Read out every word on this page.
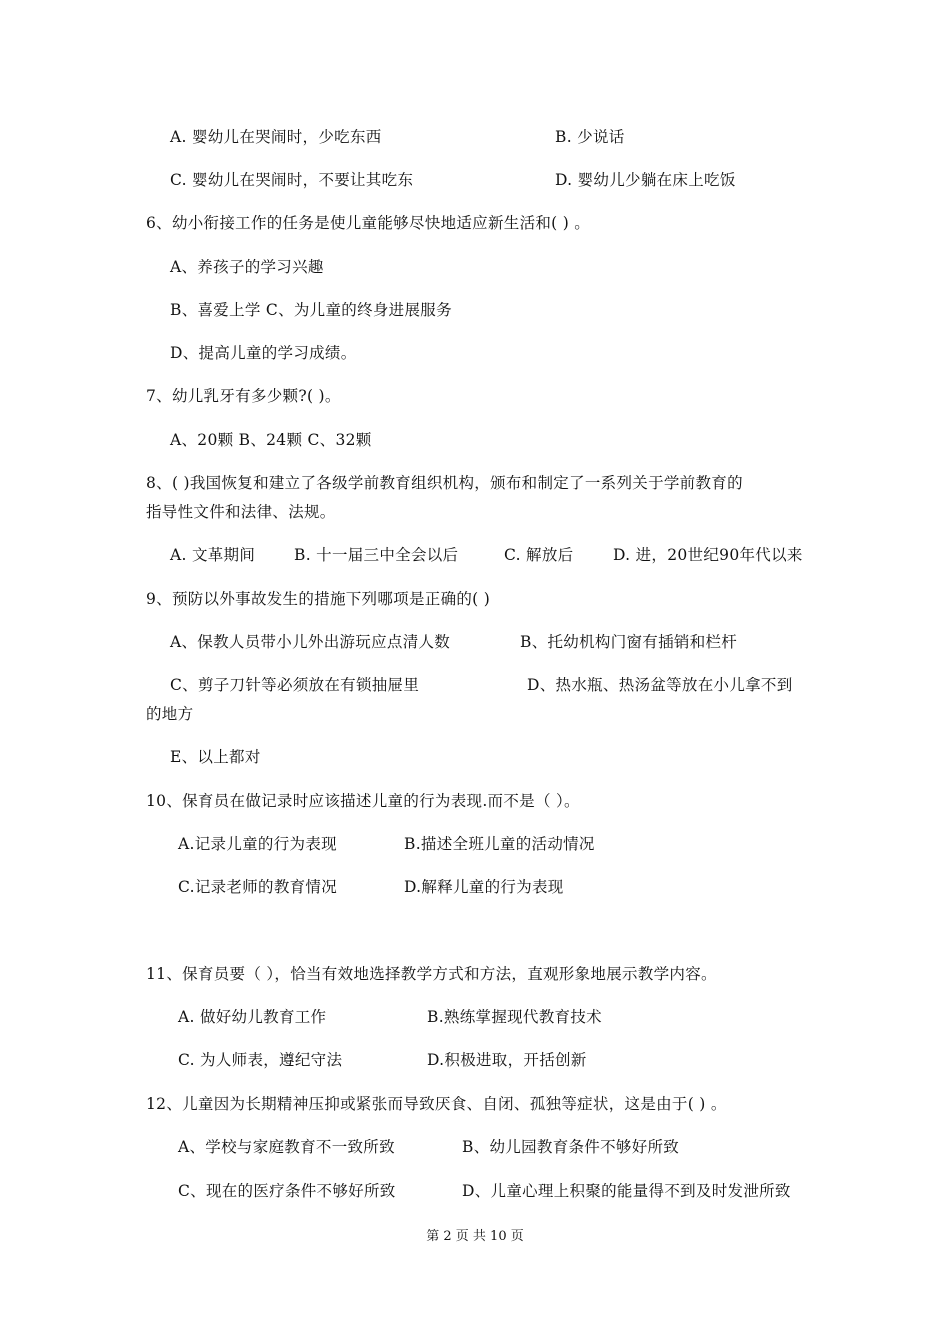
A. 婴幼儿在哭闹时，少吃东西	B. 少说话
C. 婴幼儿在哭闹时，不要让其吃东	D. 婴幼儿少躺在床上吃饭
6、幼小衔接工作的任务是使儿童能够尽快地适应新生活和( ) 。
A、养孩子的学习兴趣
B、喜爱上学 C、为儿童的终身进展服务
D、提高儿童的学习成绩。
7、幼儿乳牙有多少颗?( )。
A、20颗 B、24颗 C、32颗
8、( )我国恢复和建立了各级学前教育组织机构，颁布和制定了一系列关于学前教育的
指导性文件和法律、法规。
A. 文革期间	B. 十一届三中全会以后	C. 解放后	D. 进，20世纪90年代以来
9、预防以外事故发生的措施下列哪项是正确的( )
A、保教人员带小儿外出游玩应点清人数	B、托幼机构门窗有插销和栏杆
C、剪子刀针等必须放在有锁抽屉里	D、热水瓶、热汤盆等放在小儿拿不到
的地方
E、以上都对
10、保育员在做记录时应该描述儿童的行为表现.而不是（ ）。
A.记录儿童的行为表现	B.描述全班儿童的活动情况
C.记录老师的教育情况	D.解释儿童的行为表现
11、保育员要（ ），恰当有效地选择教学方式和方法，直观形象地展示教学内容。
A. 做好幼儿教育工作	B.熟练掌握现代教育技术
C. 为人师表，遵纪守法	D.积极进取，开括创新
12、儿童因为长期精神压抑或紧张而导致厌食、自闭、孤独等症状，这是由于( ) 。
A、学校与家庭教育不一致所致	B、幼儿园教育条件不够好所致
C、现在的医疗条件不够好所致	D、儿童心理上积聚的能量得不到及时发泄所致
第 2 页 共 10 页
